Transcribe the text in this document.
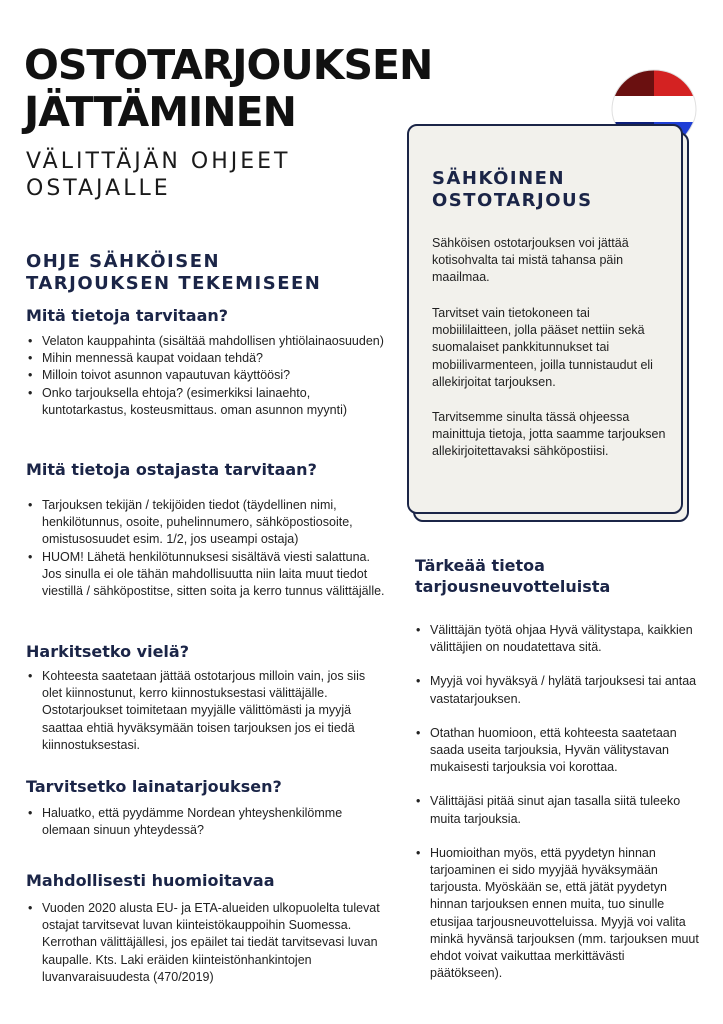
OSTOTARJOUKSEN
JÄTTÄMINEN
VÄLITTÄJÄN OHJEET
OSTAJALLE
OHJE SÄHKÖISEN
TARJOUKSEN TEKEMISEEN
Mitä tietoja tarvitaan?
• Velaton kauppahinta (sisältää mahdollisen yhtiölainaosuuden)
• Mihin mennessä kaupat voidaan tehdä?
• Milloin toivot asunnon vapautuvan käyttöösi?
• Onko tarjouksella ehtoja? (esimerkiksi lainaehto, kuntotarkastus, kosteusmittaus. oman asunnon myynti)
Mitä tietoja ostajasta tarvitaan?
• Tarjouksen tekijän / tekijöiden tiedot (täydellinen nimi, henkilötunnus, osoite, puhelinnumero, sähköpostiosoite, omistusosuudet esim. 1/2, jos useampi ostaja)
• HUOM! Lähetä henkilötunnuksesi sisältävä viesti salattuna. Jos sinulla ei ole tähän mahdollisuutta niin laita muut tiedot viestillä / sähköpostitse, sitten soita ja kerro tunnus välittäjälle.
Harkitsetko vielä?
• Kohteesta saatetaan jättää ostotarjous milloin vain, jos siis olet kiinnostunut, kerro kiinnostuksestasi välittäjälle. Ostotarjoukset toimitetaan myyjälle välittömästi ja myyjä saattaa ehtiä hyväksymään toisen tarjouksen jos ei tiedä kiinnostuksestasi.
Tarvitsetko lainatarjouksen?
• Haluatko, että pyydämme Nordean yhteyshenkilömme olemaan sinuun yhteydessä?
Mahdollisesti huomioitavaa
• Vuoden 2020 alusta EU- ja ETA-alueiden ulkopuolelta tulevat ostajat tarvitsevat luvan kiinteistökauppoihin Suomessa. Kerrothan välittäjällesi, jos epäilet tai tiedät tarvitsevasi luvan kaupalle. Kts. Laki eräiden kiinteistönhankintojen luvanvaraisuudesta (470/2019)
SÄHKÖINEN
OSTOTARJOUS

Sähköisen ostotarjouksen voi jättää kotisohvalta tai mistä tahansa päin maailmaa.

Tarvitset vain tietokoneen tai mobiililaitteen, jolla pääset nettiin sekä suomalaiset pankkitunnukset tai mobiilivarmenteen, joilla tunnistaudut eli allekirjoitat tarjouksen.

Tarvitsemme sinulta tässä ohjeessa mainittuja tietoja, jotta saamme tarjouksen allekirjoitettavaksi sähköpostiisi.

Tärkeää tietoa
tarjousneuvotteluista
• Välittäjän työtä ohjaa Hyvä välitystapa, kaikkien välittäjien on noudatettava sitä.
• Myyjä voi hyväksyä / hylätä tarjouksesi tai antaa vastatarjouksen.
• Otathan huomioon, että kohteesta saatetaan saada useita tarjouksia, Hyvän välitystavan mukaisesti tarjouksia voi korottaa.
• Välittäjäsi pitää sinut ajan tasalla siitä tuleeko muita tarjouksia.
• Huomioithan myös, että pyydetyn hinnan tarjoaminen ei sido myyjää hyväksymään tarjousta. Myöskään se, että jätät pyydetyn hinnan tarjouksen ennen muita, tuo sinulle etusijaa tarjousneuvotteluissa. Myyjä voi valita minkä hyvänsä tarjouksen (mm. tarjouksen muut ehdot voivat vaikuttaa merkittävästi päätökseen).
